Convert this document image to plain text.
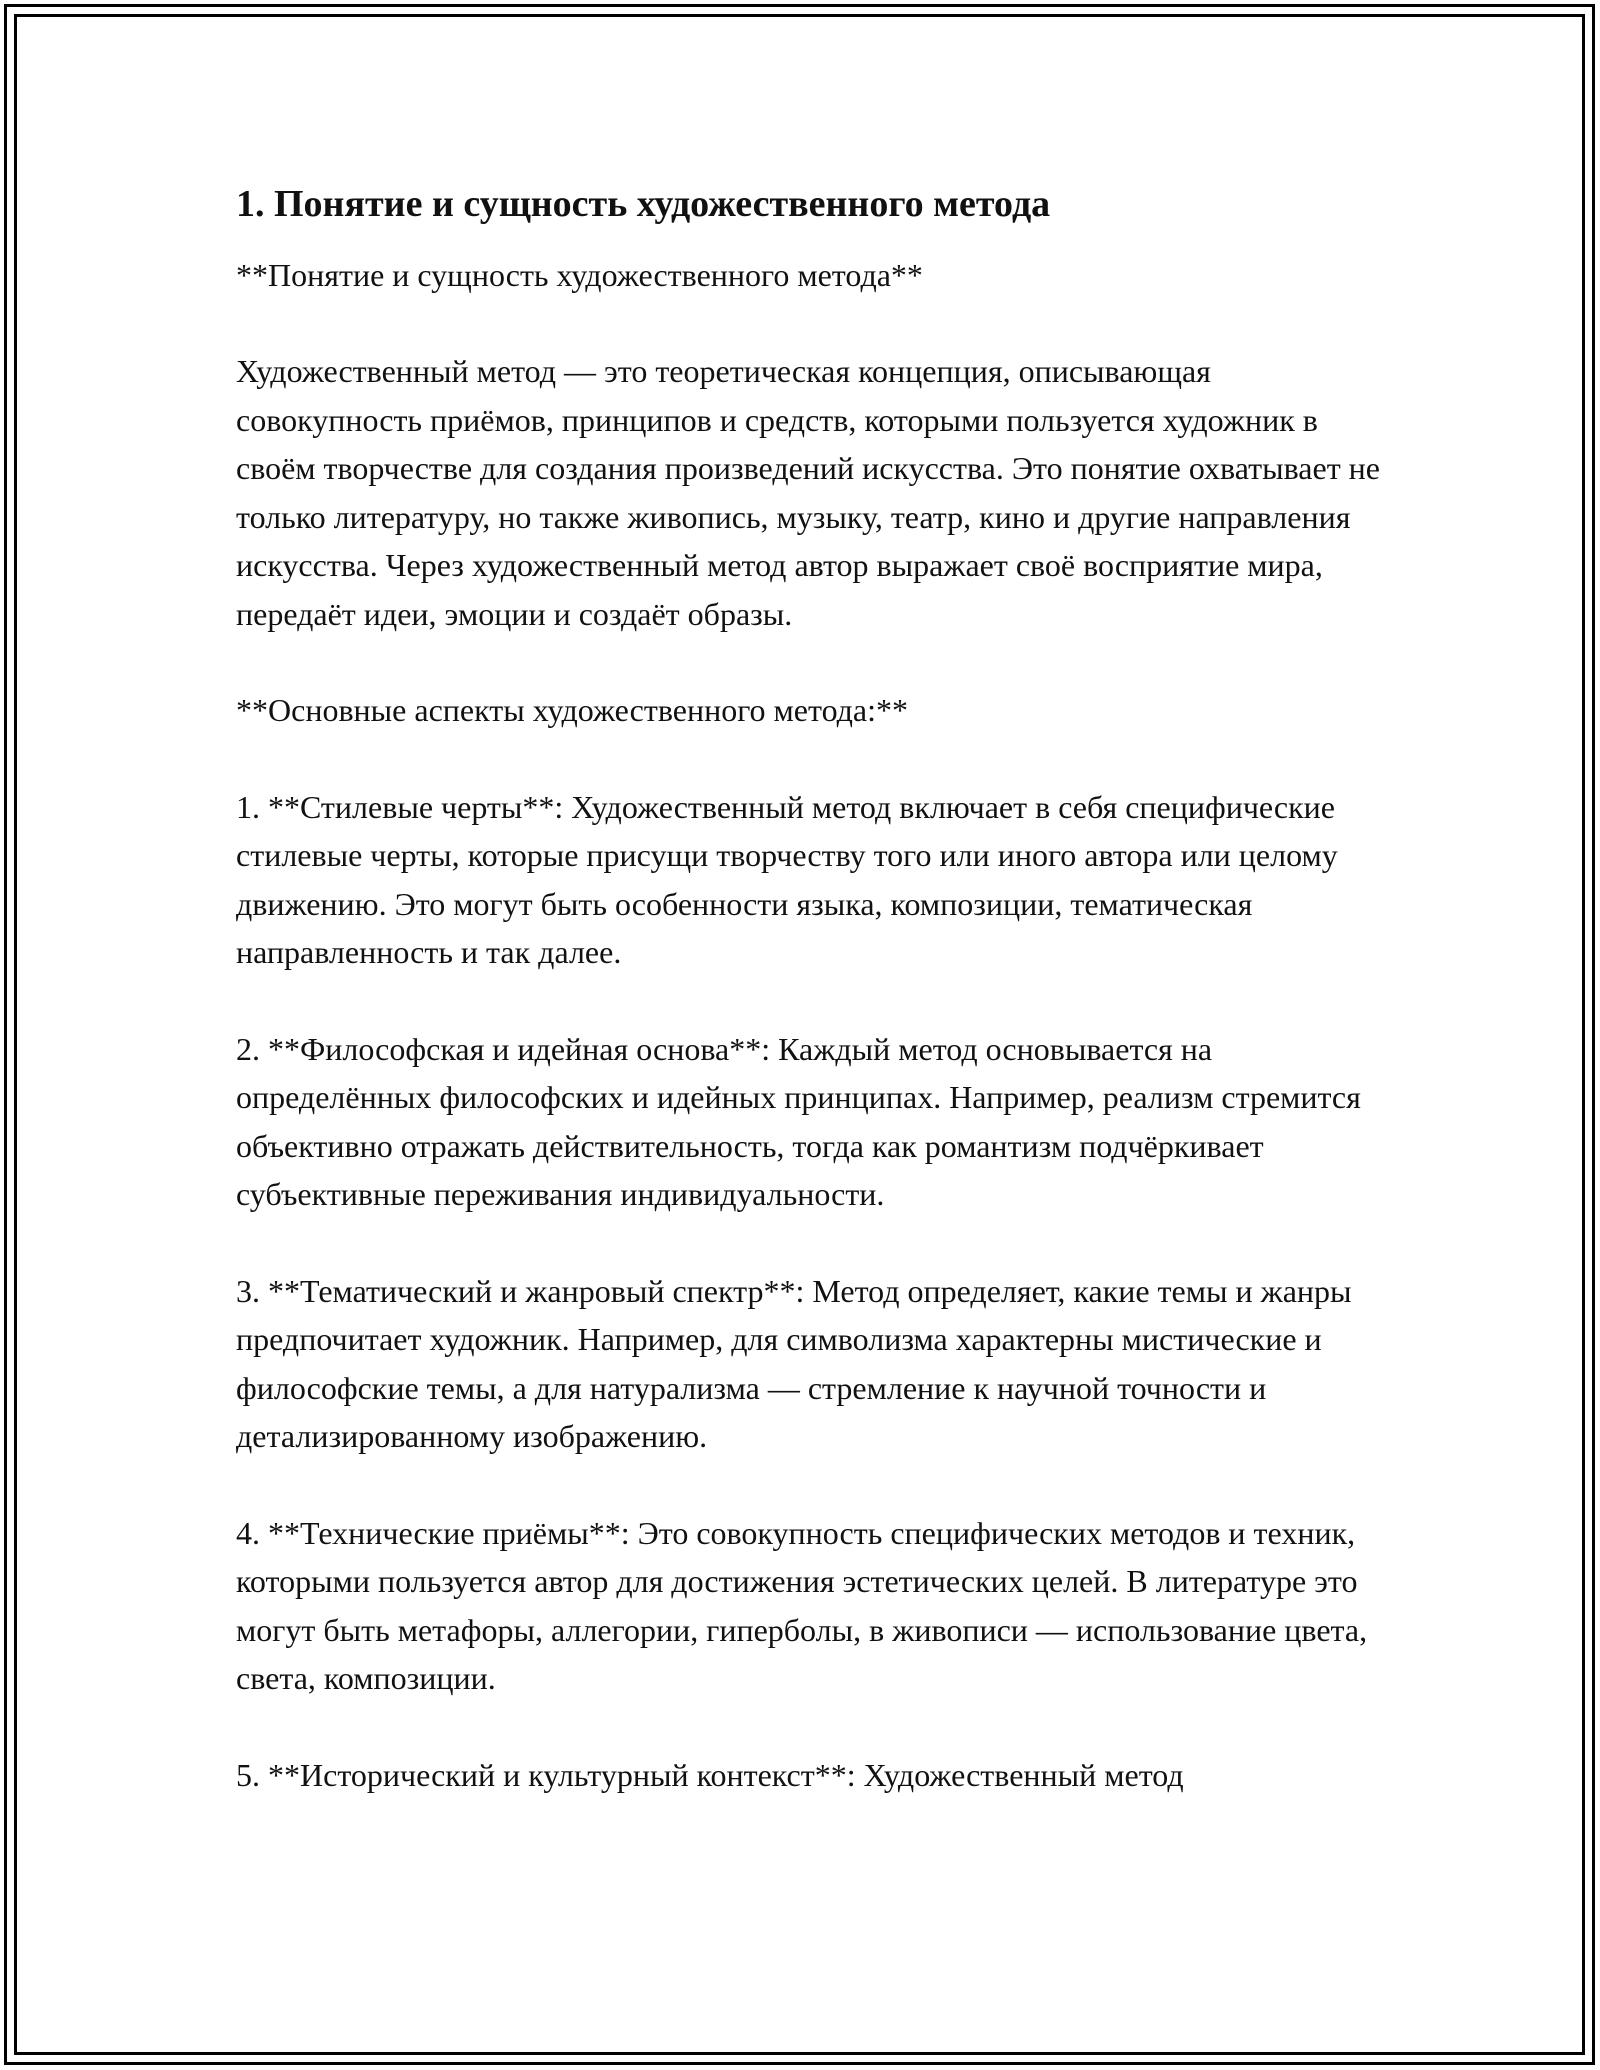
1. Понятие и сущность художественного метода

**Понятие и сущность художественного метода**

Художественный метод — это теоретическая концепция, описывающая совокупность приёмов, принципов и средств, которыми пользуется художник в своём творчестве для создания произведений искусства. Это понятие охватывает не только литературу, но также живопись, музыку, театр, кино и другие направления искусства. Через художественный метод автор выражает своё восприятие мира, передаёт идеи, эмоции и создаёт образы.

**Основные аспекты художественного метода:**

1. **Стилевые черты**: Художественный метод включает в себя специфические стилевые черты, которые присущи творчеству того или иного автора или целому движению. Это могут быть особенности языка, композиции, тематическая направленность и так далее.

2. **Философская и идейная основа**: Каждый метод основывается на определённых философских и идейных принципах. Например, реализм стремится объективно отражать действительность, тогда как романтизм подчёркивает субъективные переживания индивидуальности.

3. **Тематический и жанровый спектр**: Метод определяет, какие темы и жанры предпочитает художник. Например, для символизма характерны мистические и философские темы, а для натурализма — стремление к научной точности и детализированному изображению.

4. **Технические приёмы**: Это совокупность специфических методов и техник, которыми пользуется автор для достижения эстетических целей. В литературе это могут быть метафоры, аллегории, гиперболы, в живописи — использование цвета, света, композиции.

5. **Исторический и культурный контекст**: Художественный метод
